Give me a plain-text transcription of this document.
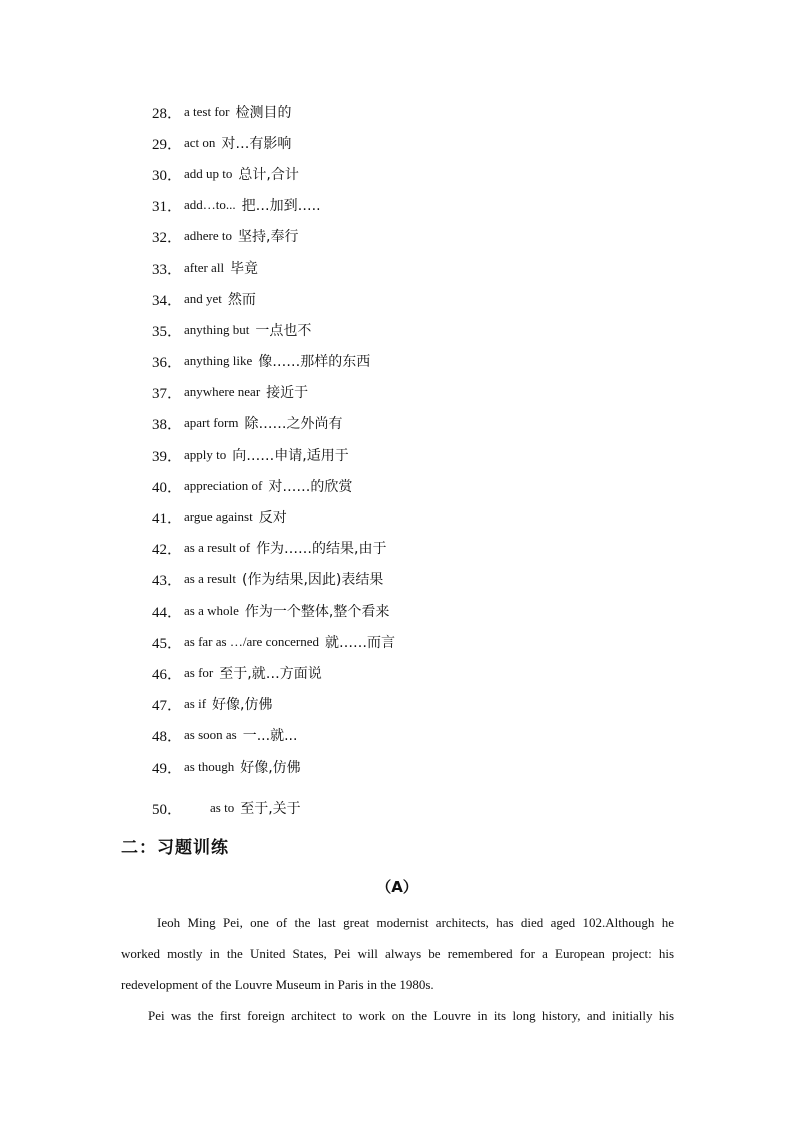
28． a test for 检测目的
29． act on 对…有影响
30． add up to 总计,合计
31． add…to... 把…加到…..
32． adhere to 坚持,奉行
33． after all 毕竟
34． and yet 然而
35． anything but 一点也不
36． anything like 像……那样的东西
37． anywhere near 接近于
38． apart form 除……之外尚有
39． apply to 向……申请,适用于
40． appreciation of 对……的欣赏
41． argue against 反对
42． as a result of 作为……的结果,由于
43． as a result (作为结果,因此)表结果
44． as a whole 作为一个整体,整个看来
45． as far as …/are concerned 就……而言
46． as for 至于,就…方面说
47． as if 好像,仿佛
48． as soon as 一...就...
49． as though 好像,仿佛
50．	as to 至于,关于
二：习题训练
（A）
Ieoh Ming Pei, one of the last great modernist architects, has died aged 102.Although he
worked mostly in the United States, Pei will always be remembered for a European project: his
redevelopment of the Louvre Museum in Paris in the 1980s.
Pei was the first foreign architect to work on the Louvre in its long history, and initially his
